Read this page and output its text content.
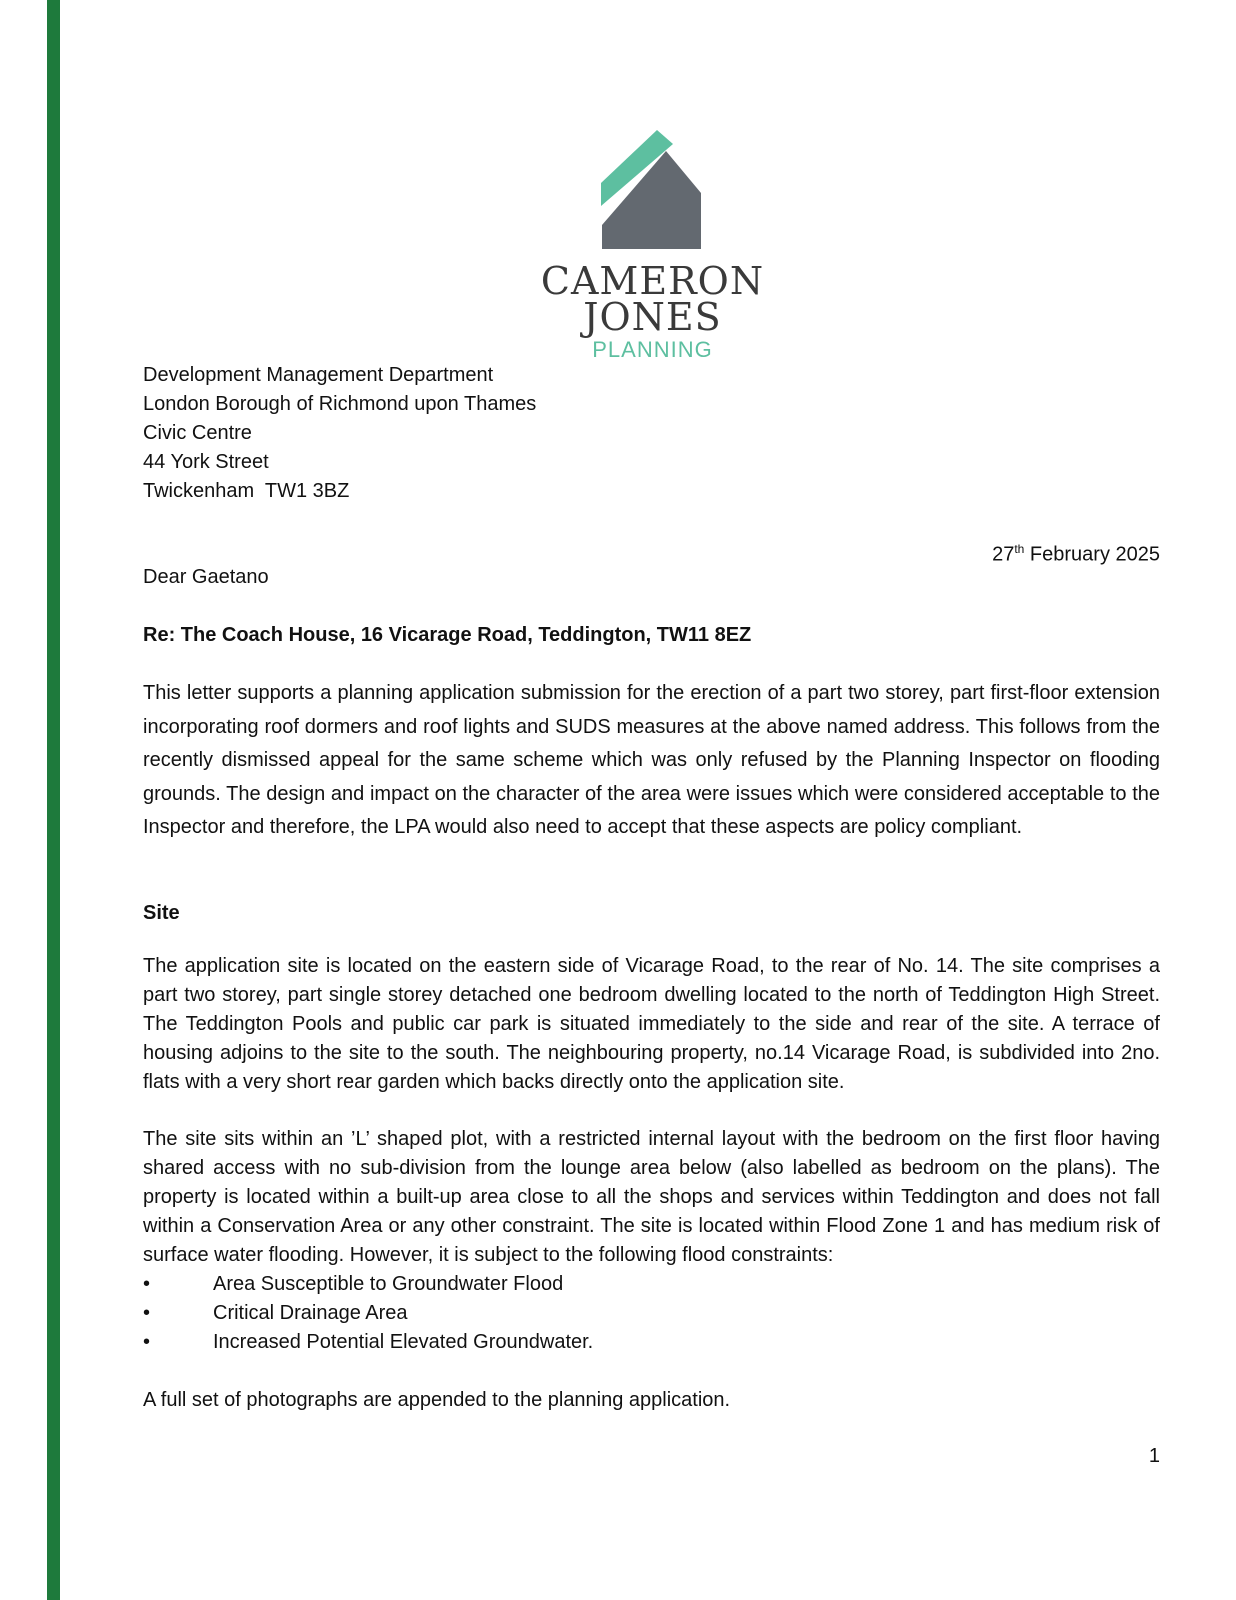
CAMERON
JONES
PLANNING
Development Management Department
London Borough of Richmond upon Thames
Civic Centre
44 York Street
Twickenham  TW1 3BZ
27th February 2025
Dear Gaetano
Re: The Coach House, 16 Vicarage Road, Teddington, TW11 8EZ
This letter supports a planning application submission for the erection of a part two storey, part first-floor extension incorporating roof dormers and roof lights and SUDS measures at the above named address. This follows from the recently dismissed appeal for the same scheme which was only refused by the Planning Inspector on flooding grounds. The design and impact on the character of the area were issues which were considered acceptable to the Inspector and therefore, the LPA would also need to accept that these aspects are policy compliant.
Site
The application site is located on the eastern side of Vicarage Road, to the rear of No. 14. The site comprises a part two storey, part single storey detached one bedroom dwelling located to the north of Teddington High Street. The Teddington Pools and public car park is situated immediately to the side and rear of the site. A terrace of housing adjoins to the site to the south. The neighbouring property, no.14 Vicarage Road, is subdivided into 2no. flats with a very short rear garden which backs directly onto the application site.
The site sits within an ’L’ shaped plot, with a restricted internal layout with the bedroom on the first floor having shared access with no sub-division from the lounge area below (also labelled as bedroom on the plans). The property is located within a built-up area close to all the shops and services within Teddington and does not fall within a Conservation Area or any other constraint. The site is located within Flood Zone 1 and has medium risk of surface water flooding. However, it is subject to the following flood constraints:
•	Area Susceptible to Groundwater Flood
•	Critical Drainage Area
•	Increased Potential Elevated Groundwater.
A full set of photographs are appended to the planning application.
1
